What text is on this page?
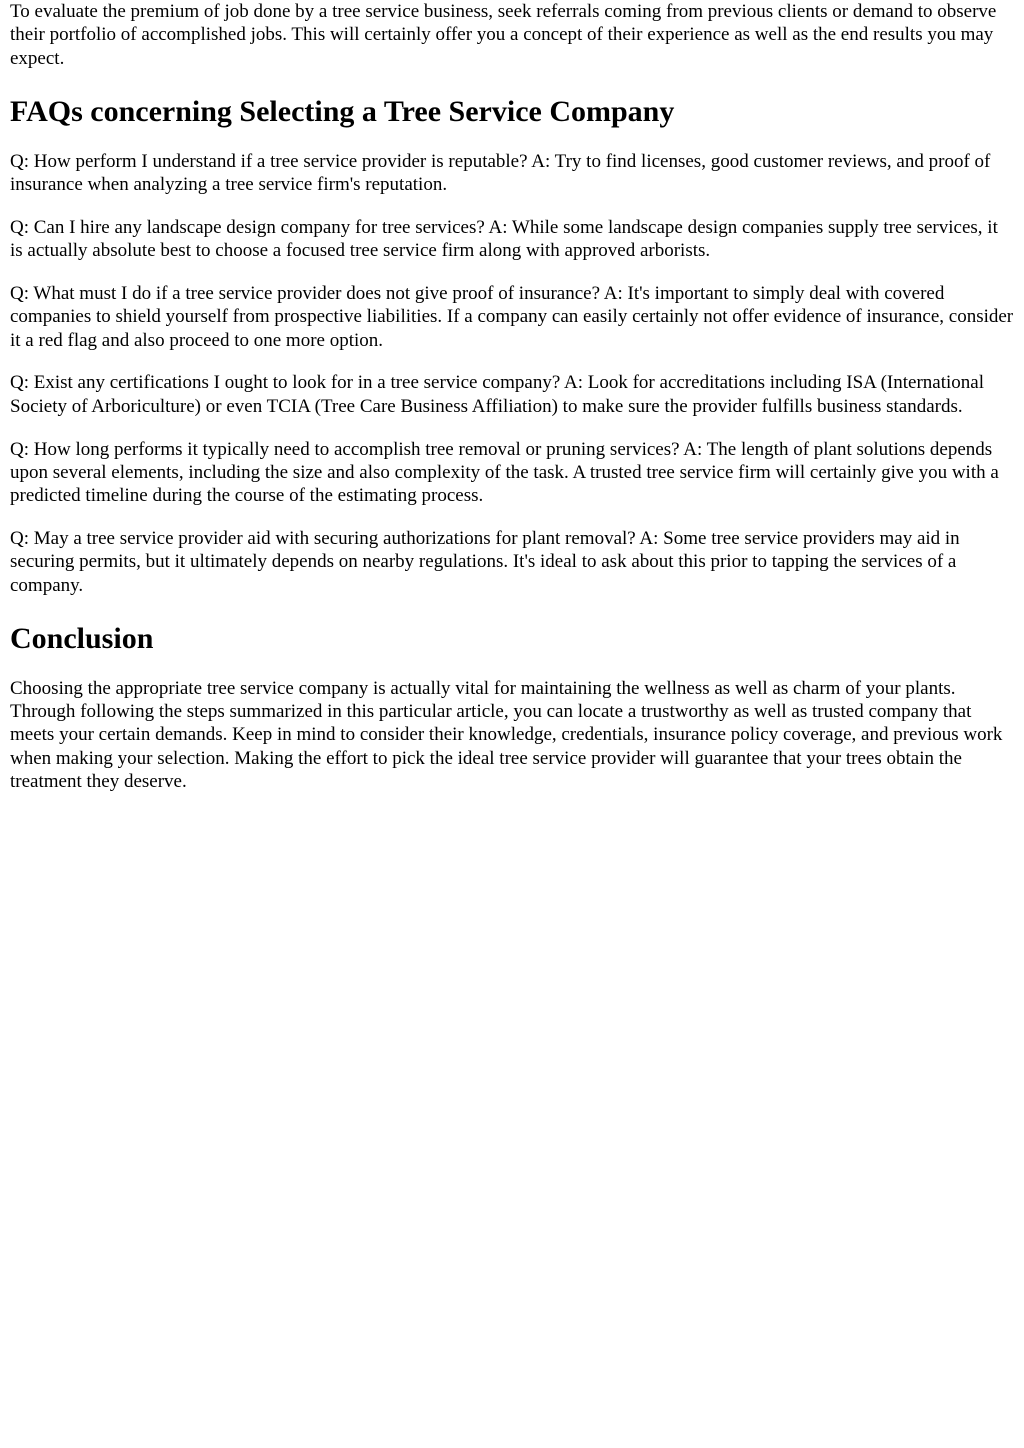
To evaluate the premium of job done by a tree service business, seek referrals coming from previous clients or demand to observe their portfolio of accomplished jobs. This will certainly offer you a concept of their experience as well as the end results you may expect.

FAQs concerning Selecting a Tree Service Company

Q: How perform I understand if a tree service provider is reputable? A: Try to find licenses, good customer reviews, and proof of insurance when analyzing a tree service firm's reputation.

Q: Can I hire any landscape design company for tree services? A: While some landscape design companies supply tree services, it is actually absolute best to choose a focused tree service firm along with approved arborists.

Q: What must I do if a tree service provider does not give proof of insurance? A: It's important to simply deal with covered companies to shield yourself from prospective liabilities. If a company can easily certainly not offer evidence of insurance, consider it a red flag and also proceed to one more option.

Q: Exist any certifications I ought to look for in a tree service company? A: Look for accreditations including ISA (International Society of Arboriculture) or even TCIA (Tree Care Business Affiliation) to make sure the provider fulfills business standards.

Q: How long performs it typically need to accomplish tree removal or pruning services? A: The length of plant solutions depends upon several elements, including the size and also complexity of the task. A trusted tree service firm will certainly give you with a predicted timeline during the course of the estimating process.

Q: May a tree service provider aid with securing authorizations for plant removal? A: Some tree service providers may aid in securing permits, but it ultimately depends on nearby regulations. It's ideal to ask about this prior to tapping the services of a company.

Conclusion

Choosing the appropriate tree service company is actually vital for maintaining the wellness as well as charm of your plants. Through following the steps summarized in this particular article, you can locate a trustworthy as well as trusted company that meets your certain demands. Keep in mind to consider their knowledge, credentials, insurance policy coverage, and previous work when making your selection. Making the effort to pick the ideal tree service provider will guarantee that your trees obtain the treatment they deserve.
